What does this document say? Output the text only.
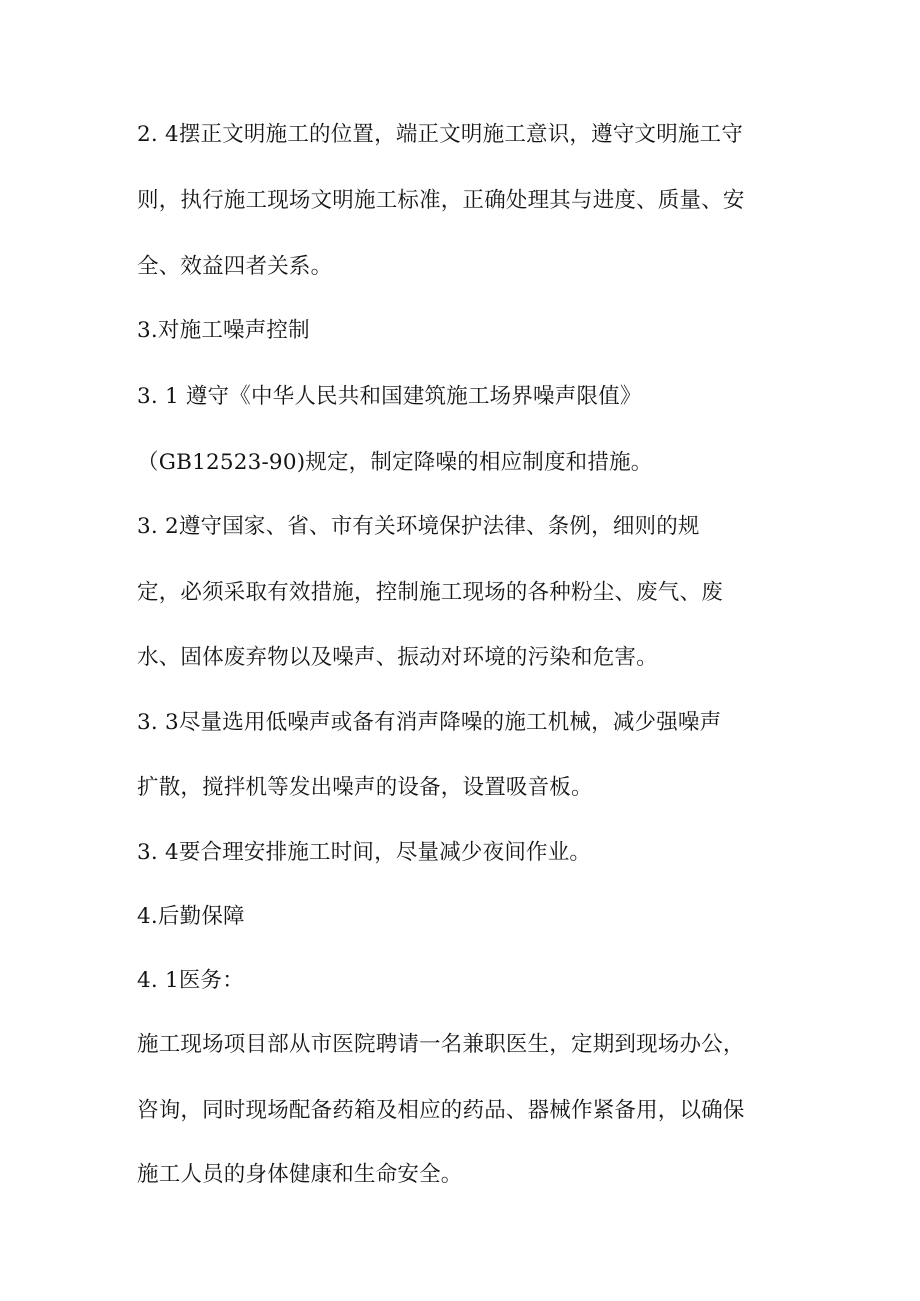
2. 4摆正文明施工的位置，端正文明施工意识，遵守文明施工守
则，执行施工现场文明施工标准，正确处理其与进度、质量、安
全、效益四者关系。
3.对施工噪声控制
3. 1 遵守《中华人民共和国建筑施工场界噪声限值》
（GB12523-90)规定，制定降噪的相应制度和措施。
3. 2遵守国家、省、市有关环境保护法律、条例，细则的规
定，必须采取有效措施，控制施工现场的各种粉尘、废气、废
水、固体废弃物以及噪声、振动对环境的污染和危害。
3. 3尽量选用低噪声或备有消声降噪的施工机械，减少强噪声
扩散，搅拌机等发出噪声的设备，设置吸音板。
3. 4要合理安排施工时间，尽量减少夜间作业。
4.后勤保障
4. 1医务：
施工现场项目部从市医院聘请一名兼职医生，定期到现场办公，
咨询，同时现场配备药箱及相应的药品、器械作紧备用，以确保
施工人员的身体健康和生命安全。
